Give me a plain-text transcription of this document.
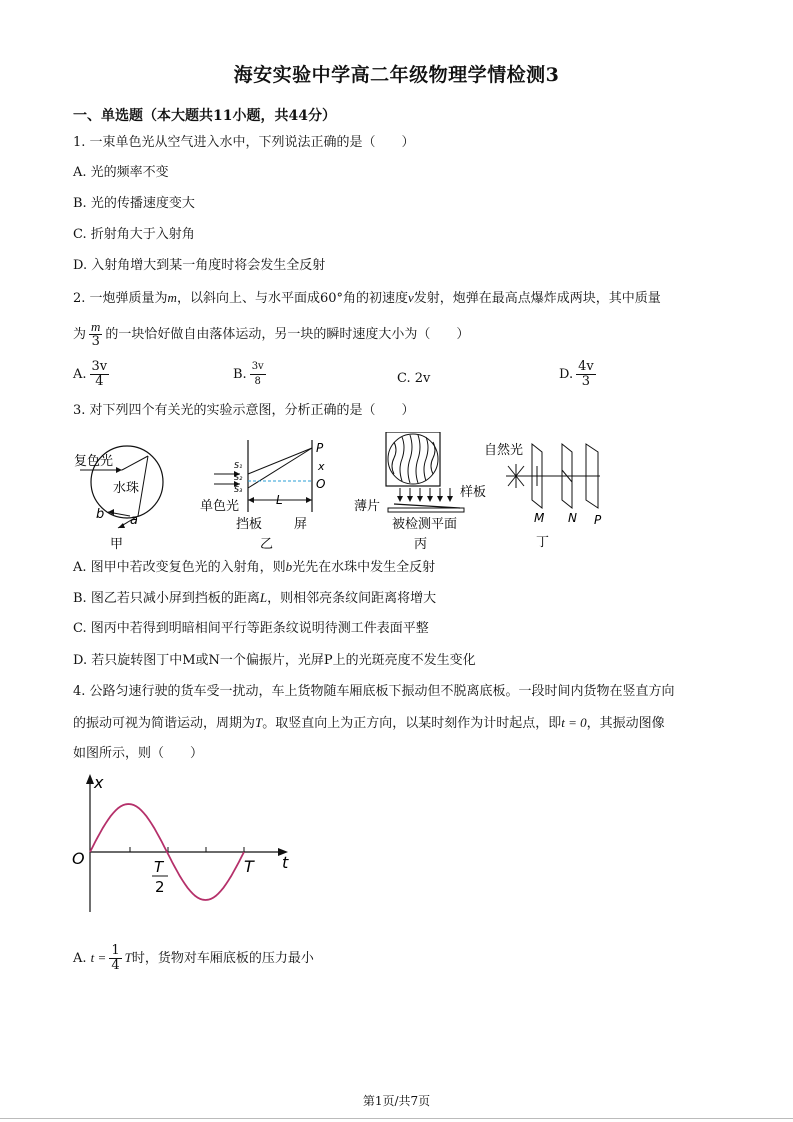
海安实验中学高二年级物理学情检测3
一、单选题（本大题共11小题，共44分）
1. 一束单色光从空气进入水中，下列说法正确的是（　　）
A. 光的频率不变
B. 光的传播速度变大
C. 折射角大于入射角
D. 入射角增大到某一角度时将会发生全反射
2. 一炮弹质量为m，以斜向上、与水平面成60°角的初速度v发射，炮弹在最高点爆炸成两块，其中质量
为 $\frac{m}{3}$ 的一块恰好做自由落体运动，另一块的瞬时速度大小为（　　）
A. $\frac{3v}{4}$	B. $\frac{3v}{8}$	C. 2v	D. $\frac{4v}{3}$
3. 对下列四个有关光的实验示意图，分析正确的是（　　）
复色光
水珠
b a
甲
S₁
S₂
S₃
P
x
O
L
单色光
挡板 屏
乙
薄片
样板
被检测平面
丙
自然光
M N P
丁
A. 图甲中若改变复色光的入射角，则b光先在水珠中发生全反射
B. 图乙若只减小屏到挡板的距离L，则相邻亮条纹间距离将增大
C. 图丙中若得到明暗相间平行等距条纹说明待测工件表面平整
D. 若只旋转图丁中M或N一个偏振片，光屏P上的光斑亮度不发生变化
4. 公路匀速行驶的货车受一扰动，车上货物随车厢底板下振动但不脱离底板。一段时间内货物在竖直方向
的振动可视为简谐运动，周期为T。取竖直向上为正方向，以某时刻作为计时起点，即t = 0，其振动图像
如图所示，则（　　）
x
O	T
2
T t
A. $t = \frac{1}{4}$ T时，货物对车厢底板的压力最小
第1页/共7页
